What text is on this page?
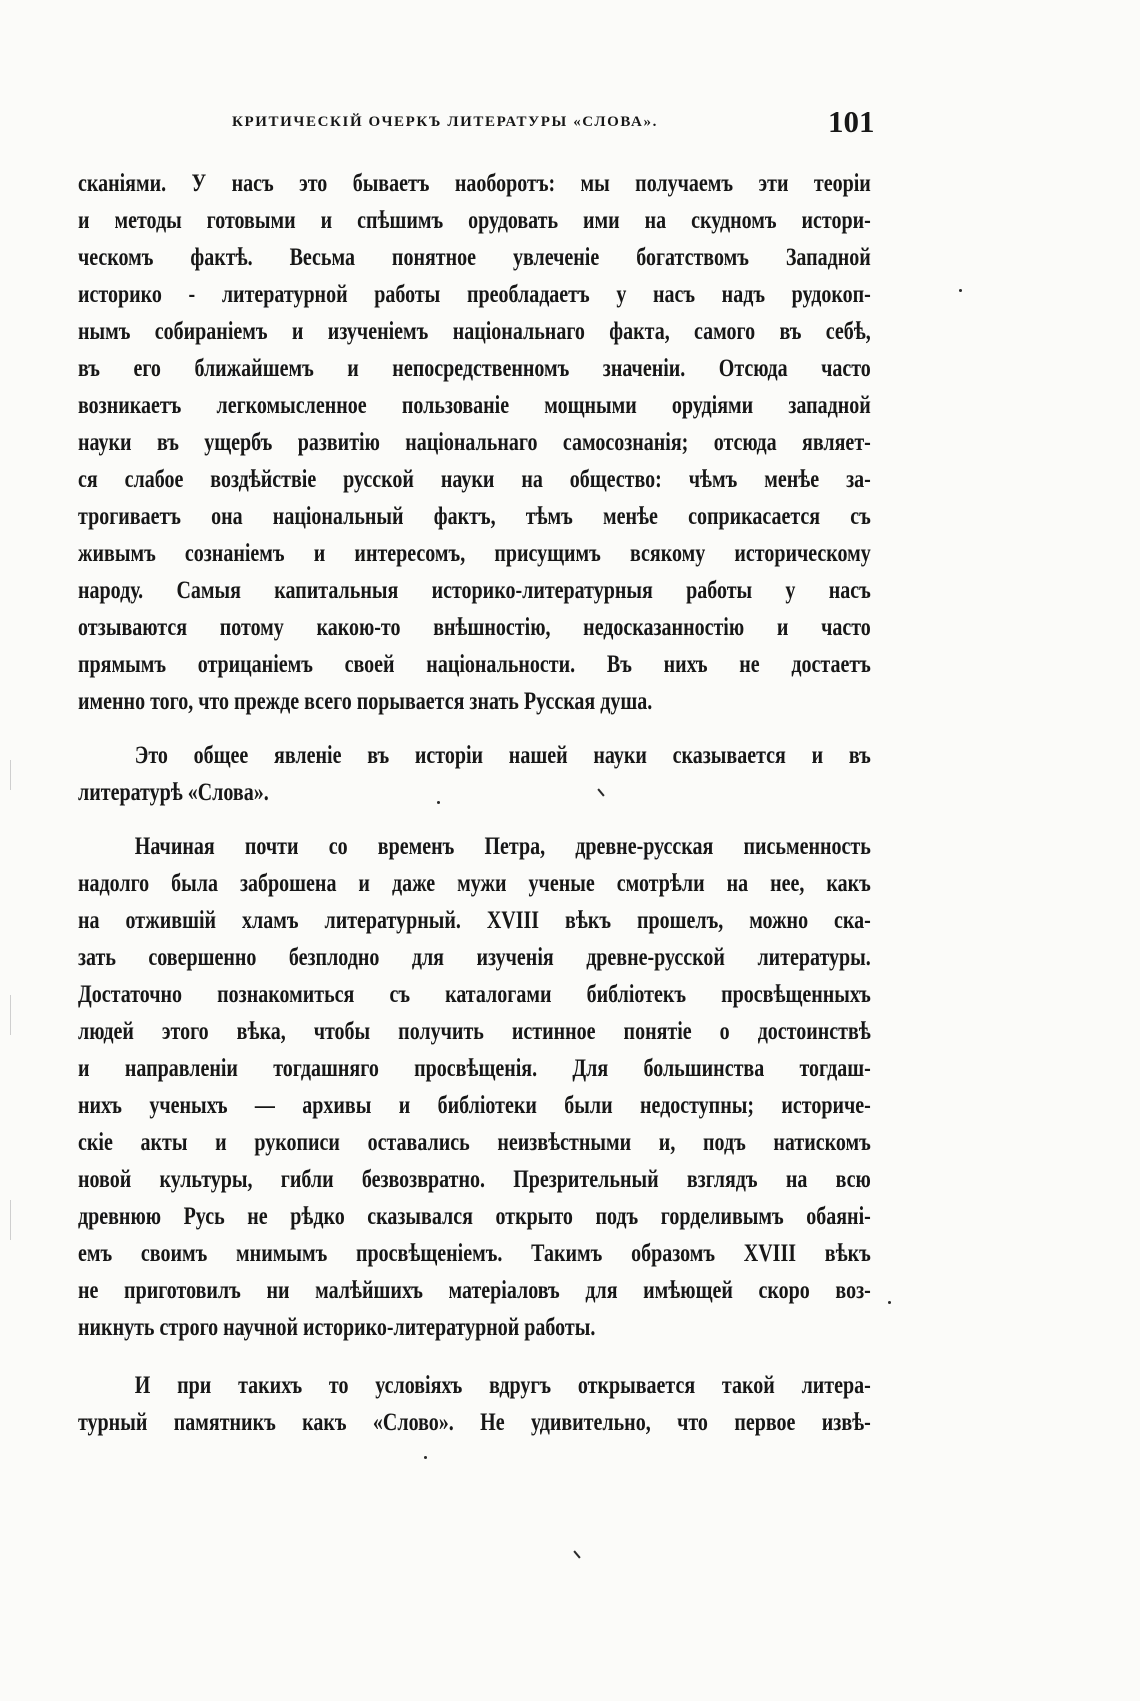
КРИТИЧЕСКІЙ ОЧЕРКЪ ЛИТЕРАТУРЫ «СЛОВА».	101
сканіями. У насъ это бываетъ наоборотъ: мы получаемъ эти теоріи
и методы готовыми и спѣшимъ орудовать ими на скудномъ истори-
ческомъ фактѣ. Весьма понятное увлеченіе богатствомъ Западной
историко - литературной работы преобладаетъ у насъ надъ рудокоп-
нымъ собираніемъ и изученіемъ національнаго факта, самого въ себѣ,
въ его ближайшемъ и непосредственномъ значеніи. Отсюда часто
возникаетъ легкомысленное пользованіе мощными орудіями западной
науки въ ущербъ развитію національнаго самосознанія; отсюда являет-
ся слабое воздѣйствіе русской науки на общество: чѣмъ менѣе за-
трогиваетъ она національный фактъ, тѣмъ менѣе соприкасается съ
живымъ сознаніемъ и интересомъ, присущимъ всякому историческому
народу. Самыя капитальныя историко-литературныя работы у насъ
отзываются потому какою-то внѣшностію, недосказанностію и часто
прямымъ отрицаніемъ своей національности. Въ нихъ не достаетъ
именно того, что прежде всего порывается знать Русская душа.
Это общее явленіе въ исторіи нашей науки сказывается и въ
литературѣ «Слова».
Начиная почти со временъ Петра, древне-русская письменность
надолго была заброшена и даже мужи ученые смотрѣли на нее, какъ
на отжившій хламъ литературный. XVIII вѣкъ прошелъ, можно ска-
зать совершенно безплодно для изученія древне-русской литературы.
Достаточно познакомиться съ каталогами библіотекъ просвѣщенныхъ
людей этого вѣка, чтобы получить истинное понятіе о достоинствѣ
и направленіи тогдашняго просвѣщенія. Для большинства тогдаш-
нихъ ученыхъ — архивы и библіотеки были недоступны; историче-
скіе акты и рукописи оставались неизвѣстными и, подъ натискомъ
новой культуры, гибли безвозвратно. Презрительный взглядъ на всю
древнюю Русь не рѣдко сказывался открыто подъ горделивымъ обаяні-
емъ своимъ мнимымъ просвѣщеніемъ. Такимъ образомъ XVIII вѣкъ
не приготовилъ ни малѣйшихъ матеріаловъ для имѣющей скоро воз-
никнуть строго научной историко-литературной работы.
И при такихъ то условіяхъ вдругъ открывается такой литера-
турный памятникъ какъ «Слово». Не удивительно, что первое извѣ-
